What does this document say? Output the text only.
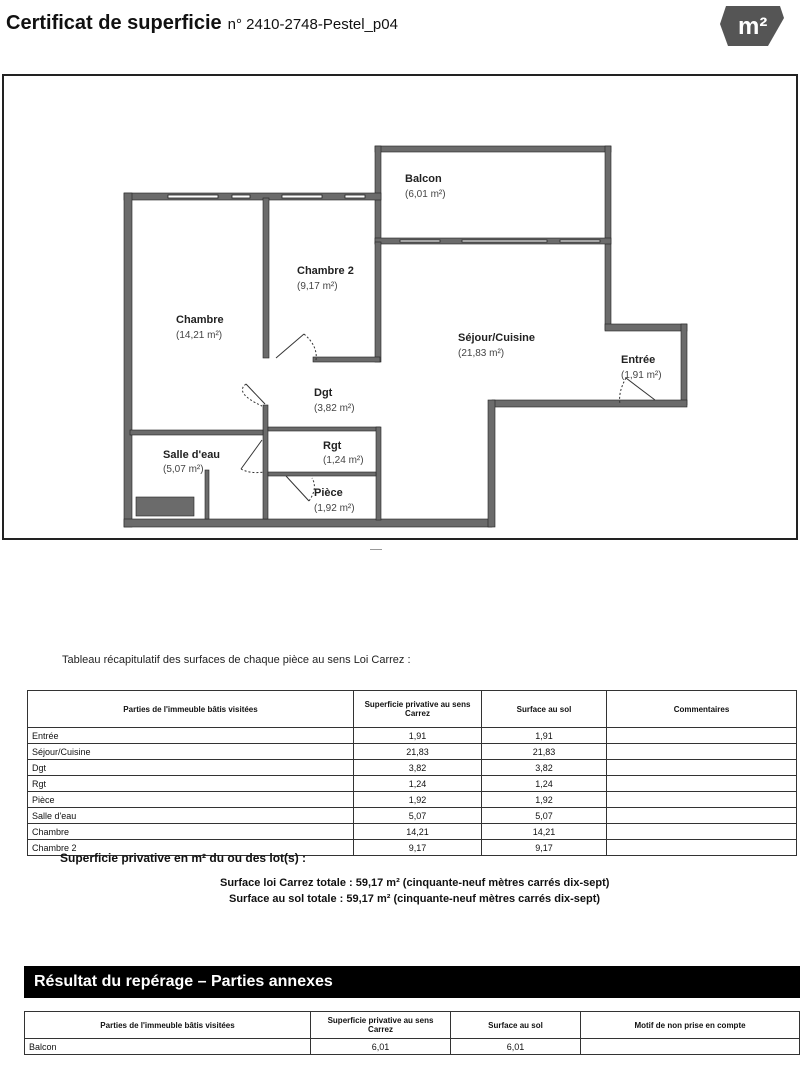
Certificat de superficie n° 2410-2748-Pestel_p04	m²
Balcon
(6,01 m²)
Chambre 2
(9,17 m²)
Chambre
(14,21 m²)	Séjour/Cuisine
(21,83 m²)
Entrée
(1,91 m²)
Dgt
(3,82 m²)
Salle d'eau
(5,07 m²)
Rgt
(1,24 m²)
Pièce
(1,92 m²)
Tableau récapitulatif des surfaces de chaque pièce au sens Loi Carrez :
Parties de l'immeuble bâtis visitées	Superficie privative au sens Carrez	Surface au sol	Commentaires
Entrée	1,91	1,91	
Séjour/Cuisine	21,83	21,83	
Dgt	3,82	3,82	
Rgt	1,24	1,24	
Pièce	1,92	1,92	
Salle d'eau	5,07	5,07	
Chambre	14,21	14,21	
Chambre 2	9,17	9,17	
Superficie privative en m² du ou des lot(s) :
Surface loi Carrez totale : 59,17 m² (cinquante-neuf mètres carrés dix-sept)
Surface au sol totale : 59,17 m² (cinquante-neuf mètres carrés dix-sept)
Résultat du repérage – Parties annexes
Parties de l'immeuble bâtis visitées	Superficie privative au sens Carrez	Surface au sol	Motif de non prise en compte
Balcon	6,01	6,01	
